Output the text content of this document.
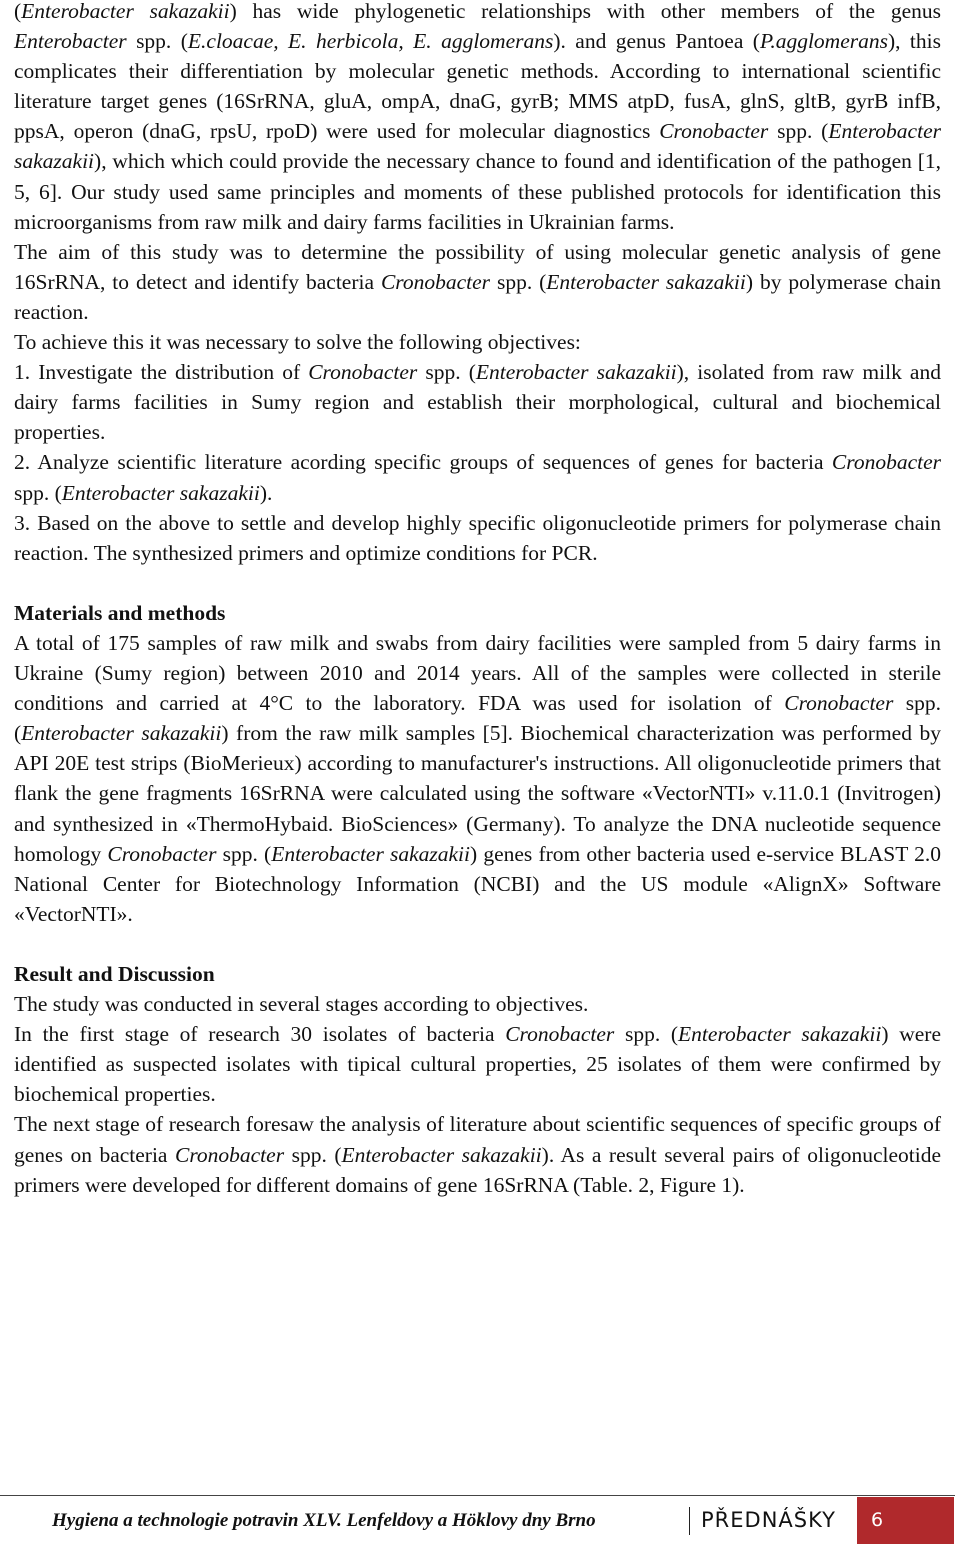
(Enterobacter sakazakii) has wide phylogenetic relationships with other members of the genus Enterobacter spp. (E.cloacae, E. herbicola, E. agglomerans). and genus Pantoea (P.agglomerans), this complicates their differentiation by molecular genetic methods. According to international scientific literature target genes (16SrRNA, gluA, ompA, dnaG, gyrB; MMS atpD, fusA, glnS, gltB, gyrB infB, ppsA, operon (dnaG, rpsU, rpoD) were used for molecular diagnostics Cronobacter spp. (Enterobacter sakazakii), which which could provide the necessary chance to found and identification of the pathogen [1, 5, 6]. Our study used same principles and moments of these published protocols for identification this microorganisms from raw milk and dairy farms facilities in Ukrainian farms.

The aim of this study was to determine the possibility of using molecular genetic analysis of gene 16SrRNA, to detect and identify bacteria Cronobacter spp. (Enterobacter sakazakii) by polymerase chain reaction.

To achieve this it was necessary to solve the following objectives:

1. Investigate the distribution of Cronobacter spp. (Enterobacter sakazakii), isolated from raw milk and dairy farms facilities in Sumy region and establish their morphological, cultural and biochemical properties.

2. Analyze scientific literature acording specific groups of sequences of genes for bacteria Cronobacter spp. (Enterobacter sakazakii).

3. Based on the above to settle and develop highly specific oligonucleotide primers for polymerase chain reaction. The synthesized primers and optimize conditions for PCR.

Materials and methods

A total of 175 samples of raw milk and swabs from dairy facilities were sampled from 5 dairy farms in Ukraine (Sumy region) between 2010 and 2014 years. All of the samples were collected in sterile conditions and carried at 4°C to the laboratory. FDA was used for isolation of Cronobacter spp. (Enterobacter sakazakii) from the raw milk samples [5]. Biochemical characterization was performed by API 20E test strips (BioMerieux) according to manufacturer's instructions. All oligonucleotide primers that flank the gene fragments 16SrRNA were calculated using the software «VectorNTI» v.11.0.1 (Invitrogen) and synthesized in «ThermoHybaid. BioSciences» (Germany). To analyze the DNA nucleotide sequence homology Cronobacter spp. (Enterobacter sakazakii) genes from other bacteria used e-service BLAST 2.0 National Center for Biotechnology Information (NCBI) and the US module «AlignX» Software «VectorNTI».

Result and Discussion

The study was conducted in several stages according to objectives.

In the first stage of research 30 isolates of bacteria Cronobacter spp. (Enterobacter sakazakii) were identified as suspected isolates with tipical cultural properties, 25 isolates of them were confirmed by biochemical properties.

The next stage of research foresaw the analysis of literature about scientific sequences of specific groups of genes on bacteria Cronobacter spp. (Enterobacter sakazakii). As a result several pairs of oligonucleotide primers were developed for different domains of gene 16SrRNA (Table. 2, Figure 1).

Hygiena a technologie potravin XLV. Lenfeldovy a Höklovy dny Brno	PŘEDNÁŠKY	6
